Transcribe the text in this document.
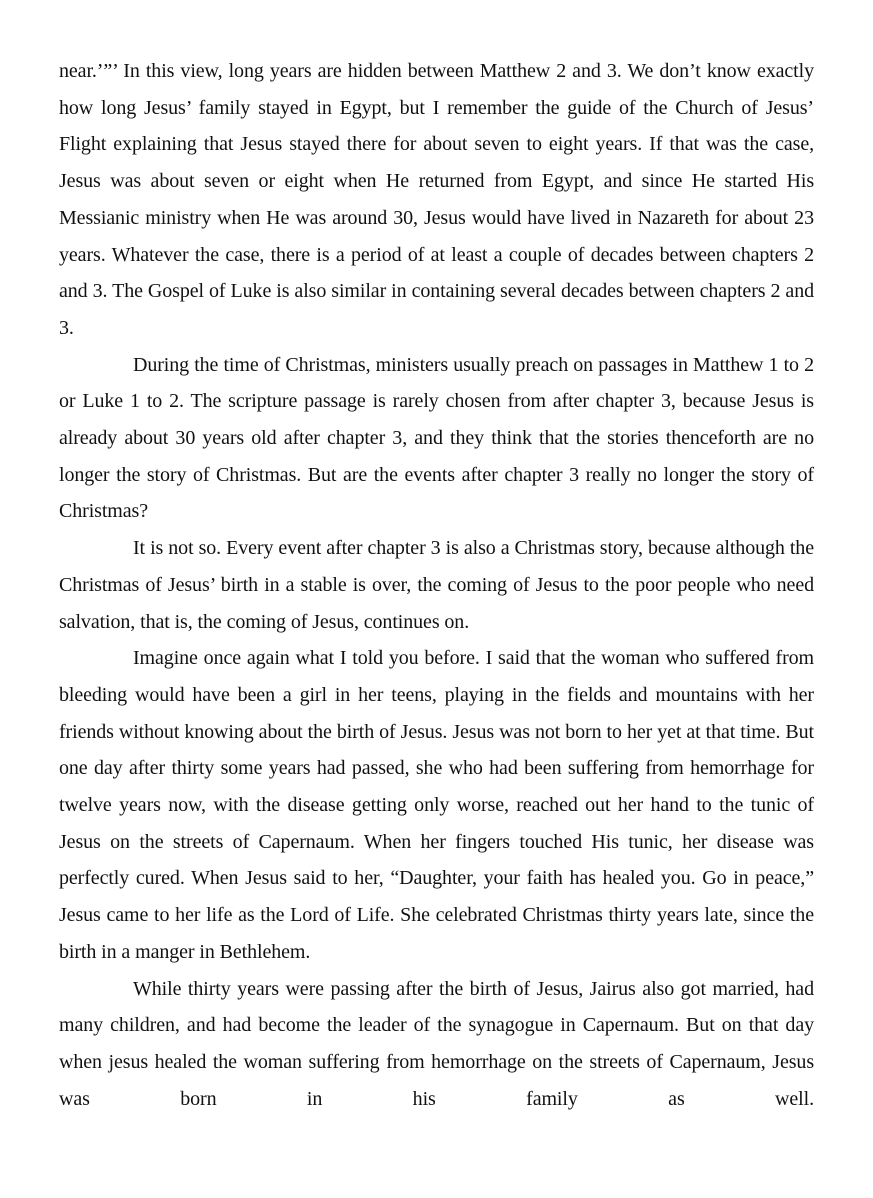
near.’”’ In this view, long years are hidden between Matthew 2 and 3. We don’t know exactly how long Jesus’ family stayed in Egypt, but I remember the guide of the Church of Jesus’ Flight explaining that Jesus stayed there for about seven to eight years. If that was the case, Jesus was about seven or eight when He returned from Egypt, and since He started His Messianic ministry when He was around 30, Jesus would have lived in Nazareth for about 23 years. Whatever the case, there is a period of at least a couple of decades between chapters 2 and 3. The Gospel of Luke is also similar in containing several decades between chapters 2 and 3.

During the time of Christmas, ministers usually preach on passages in Matthew 1 to 2 or Luke 1 to 2. The scripture passage is rarely chosen from after chapter 3, because Jesus is already about 30 years old after chapter 3, and they think that the stories thenceforth are no longer the story of Christmas. But are the events after chapter 3 really no longer the story of Christmas?

It is not so. Every event after chapter 3 is also a Christmas story, because although the Christmas of Jesus’ birth in a stable is over, the coming of Jesus to the poor people who need salvation, that is, the coming of Jesus, continues on.

Imagine once again what I told you before. I said that the woman who suffered from bleeding would have been a girl in her teens, playing in the fields and mountains with her friends without knowing about the birth of Jesus. Jesus was not born to her yet at that time. But one day after thirty some years had passed, she who had been suffering from hemorrhage for twelve years now, with the disease getting only worse, reached out her hand to the tunic of Jesus on the streets of Capernaum. When her fingers touched His tunic, her disease was perfectly cured. When Jesus said to her, “Daughter, your faith has healed you. Go in peace,” Jesus came to her life as the Lord of Life. She celebrated Christmas thirty years late, since the birth in a manger in Bethlehem.

While thirty years were passing after the birth of Jesus, Jairus also got married, had many children, and had become the leader of the synagogue in Capernaum. But on that day when jesus healed the woman suffering from hemorrhage on the streets of Capernaum, Jesus was born in his family as well.
